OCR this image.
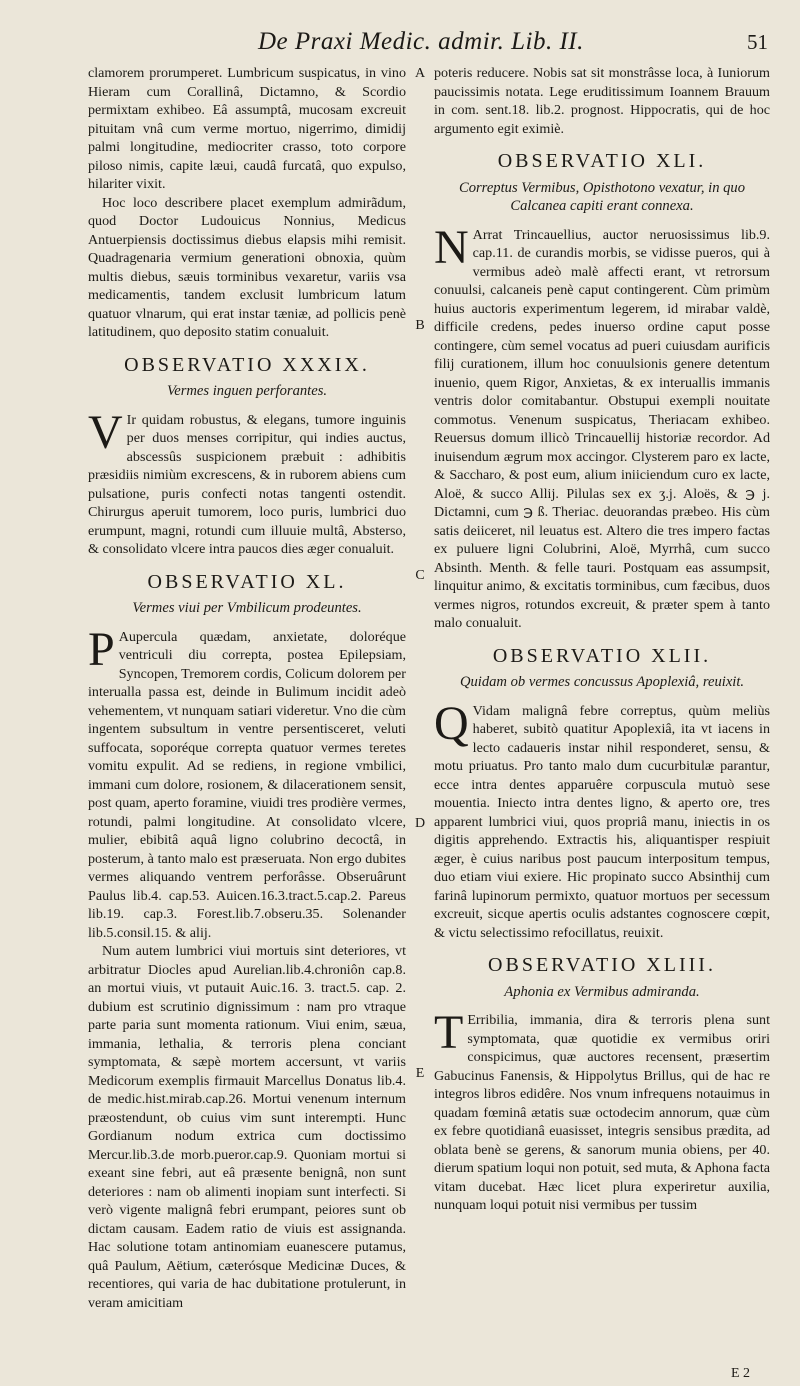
De Praxi Medic. admir. Lib. II.	51
A
B
C
D
E

clamorem prorumperet. Lumbricum suspicatus, in vino Hieram cum Corallinâ, Dictamno, & Scordio permixtam exhibeo. Eâ assumptâ, mucosam excreuit pituitam vnâ cum verme mortuo, nigerrimo, dimidij palmi longitudine, mediocriter crasso, toto corpore piloso nimis, capite læui, caudâ furcatâ, quo expulso, hilariter vixit.

Hoc loco describere placet exemplum admirãdum, quod Doctor Ludouicus Nonnius, Medicus Antuerpiensis doctissimus diebus elapsis mihi remisit. Quadragenaria vermium generationi obnoxia, quùm multis diebus, sæuis torminibus vexaretur, variis vsa medicamentis, tandem exclusit lumbricum latum quatuor vlnarum, qui erat instar tæniæ, ad pollicis penè latitudinem, quo deposito statim conualuit.

OBSERVATIO XXXIX.
Vermes inguen perforantes.

V Ir quidam robustus, & elegans, tumore inguinis per duos menses corripitur, qui indies auctus, abscessûs suspicionem præbuit : adhibitis præsidiis nimiùm excrescens, & in ruborem abiens cum pulsatione, puris confecti notas tangenti ostendit. Chirurgus aperuit tumorem, loco puris, lumbrici duo erumpunt, magni, rotundi cum illuuie multâ, Absterso, & consolidato vlcere intra paucos dies æger conualuit.

OBSERVATIO XL.
Vermes viui per Vmbilicum prodeuntes.

P Aupercula quædam, anxietate, doloréque ventriculi diu correpta, postea Epilepsiam, Syncopen, Tremorem cordis, Colicum dolorem per interualla passa est, deinde in Bulimum incidit adeò vehementem, vt nunquam satiari videretur. Vno die cùm ingentem subsultum in ventre persentisceret, veluti suffocata, soporéque correpta quatuor vermes teretes vomitu expulit. Ad se rediens, in regione vmbilici, immani cum dolore, rosionem, & dilacerationem sensit, post quam, aperto foramine, viuidi tres prodière vermes, rotundi, palmi longitudine. At consolidato vlcere, mulier, ebibitâ aquâ ligno colubrino decoctâ, in posterum, à tanto malo est præseruata. Non ergo dubites vermes aliquando ventrem perforâsse. Obseruârunt Paulus lib.4. cap.53. Auicen.16.3.tract.5.cap.2. Pareus lib.19. cap.3. Forest.lib.7.obseru.35. Solenander lib.5.consil.15. & alij.

Num autem lumbrici viui mortuis sint deteriores, vt arbitratur Diocles apud Aurelian.lib.4.chroniôn cap.8. an mortui viuis, vt putauit Auic.16. 3. tract.5. cap. 2. dubium est scrutinio dignissimum : nam pro vtraque parte paria sunt momenta rationum. Viui enim, sæua, immania, lethalia, & terroris plena conciant symptomata, & sæpè mortem accersunt, vt variis Medicorum exemplis firmauit Marcellus Donatus lib.4. de medic.hist.mirab.cap.26. Mortui venenum internum præostendunt, ob cuius vim sunt interempti. Hunc Gordianum nodum extrica cum doctissimo Mercur.lib.3.de morb.pueror.cap.9. Quoniam mortui si exeant sine febri, aut eâ præsente benignâ, non sunt deteriores : nam ob alimenti inopiam sunt interfecti. Si verò vigente malignâ febri erumpant, peiores sunt ob dictam causam. Eadem ratio de viuis est assignanda. Hac solutione totam antinomiam euanescere putamus, quâ Paulum, Aëtium, cæterósque Medicinæ Duces, & recentiores, qui varia de hac dubitatione protulerunt, in veram amicitiam

poteris reducere. Nobis sat sit monstrâsse loca, à Iuniorum paucissimis notata. Lege eruditissimum Ioannem Brauum in com. sent.18. lib.2. prognost. Hippocratis, qui de hoc argumento egit eximiè.

OBSERVATIO XLI.
Correptus Vermibus, Opisthotono vexatur, in quo Calcanea capiti erant connexa.

N Arrat Trincauellius, auctor neruosissimus lib.9. cap.11. de curandis morbis, se vidisse pueros, qui à vermibus adeò malè affecti erant, vt retrorsum conuulsi, calcaneis penè caput contingerent. Cùm primùm huius auctoris experimentum legerem, id mirabar valdè, difficile credens, pedes inuerso ordine caput posse contingere, cùm semel vocatus ad pueri cuiusdam aurificis filij curationem, illum hoc conuulsionis genere detentum inuenio, quem Rigor, Anxietas, & ex interuallis immanis ventris dolor comitabantur. Obstupui exempli nouitate commotus. Venenum suspicatus, Theriacam exhibeo. Reuersus domum illicò Trincauellij historiæ recordor. Ad inuisendum ægrum mox accingor. Clysterem paro ex lacte, & Saccharo, & post eum, alium iniiciendum curo ex lacte, Aloë, & succo Allij. Pilulas sex ex ʒ.j. Aloës, & ℈ j. Dictamni, cum ℈ ß. Theriac. deuorandas præbeo. His cùm satis deiiceret, nil leuatus est. Altero die tres impero factas ex puluere ligni Colubrini, Aloë, Myrrhâ, cum succo Absinth. Menth. & felle tauri. Postquam eas assumpsit, linquitur animo, & excitatis torminibus, cum fæcibus, duos vermes nigros, rotundos excreuit, & præter spem à tanto malo conualuit.

OBSERVATIO XLII.
Quidam ob vermes concussus Apoplexiâ, reuixit.

Q Vidam malignâ febre correptus, quùm meliùs haberet, subitò quatitur Apoplexiâ, ita vt iacens in lecto cadaueris instar nihil responderet, sensu, & motu priuatus. Pro tanto malo dum cucurbitulæ parantur, ecce intra dentes apparuêre corpuscula mutuò sese mouentia. Iniecto intra dentes ligno, & aperto ore, tres apparent lumbrici viui, quos propriâ manu, iniectis in os digitis apprehendo. Extractis his, aliquantisper respiuit æger, è cuius naribus post paucum interpositum tempus, duo etiam viui exiere. Hic propinato succo Absinthij cum farinâ lupinorum permixto, quatuor mortuos per secessum excreuit, sicque apertis oculis adstantes cognoscere cœpit, & victu selectissimo refocillatus, reuixit.

OBSERVATIO XLIII.
Aphonia ex Vermibus admiranda.

T Erribilia, immania, dira & terroris plena sunt symptomata, quæ quotidie ex vermibus oriri conspicimus, quæ auctores recensent, præsertim Gabucinus Fanensis, & Hippolytus Brillus, qui de hac re integros libros edidêre. Nos vnum infrequens notauimus in quadam fœminâ ætatis suæ octodecim annorum, quæ cùm ex febre quotidianâ euasisset, integris sensibus prædita, ad oblata benè se gerens, & sanorum munia obiens, per 40. dierum spatium loqui non potuit, sed muta, & Aphona facta vitam ducebat. Hæc licet plura experiretur auxilia, nunquam loqui potuit nisi vermibus per tussim

E 2
